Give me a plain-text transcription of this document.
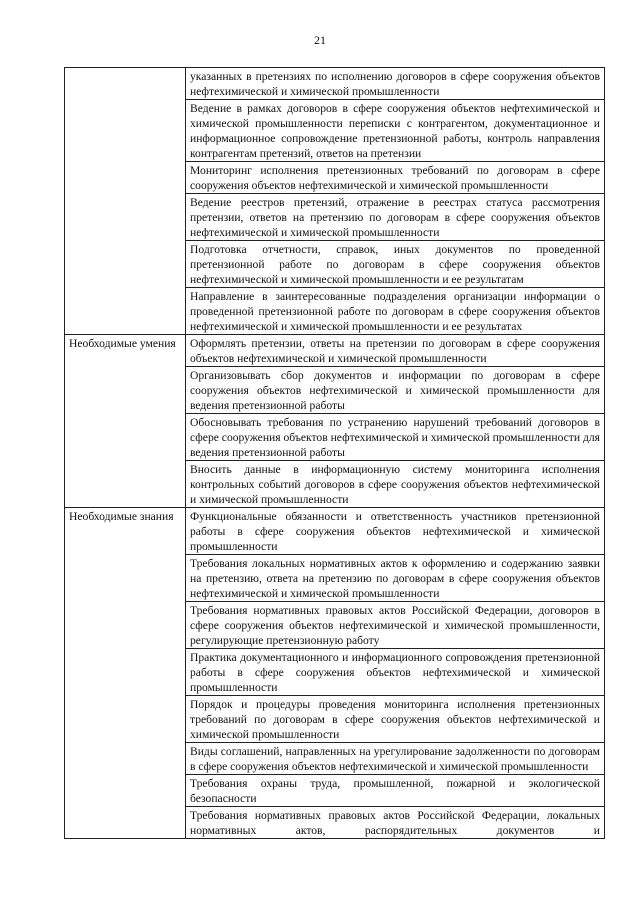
21
	указанных в претензиях по исполнению договоров в сфере сооружения объектов нефтехимической и химической промышленности
	Ведение в рамках договоров в сфере сооружения объектов нефтехимической и химической промышленности переписки с контрагентом, документационное и информационное сопровождение претензионной работы, контроль направления контрагентам претензий, ответов на претензии
	Мониторинг исполнения претензионных требований по договорам в сфере сооружения объектов нефтехимической и химической промышленности
	Ведение реестров претензий, отражение в реестрах статуса рассмотрения претензии, ответов на претензию по договорам в сфере сооружения объектов нефтехимической и химической промышленности
	Подготовка отчетности, справок, иных документов по проведенной претензионной работе по договорам в сфере сооружения объектов нефтехимической и химической промышленности и ее результатам
	Направление в заинтересованные подразделения организации информации о проведенной претензионной работе по договорам в сфере сооружения объектов нефтехимической и химической промышленности и ее результатах
Необходимые умения	Оформлять претензии, ответы на претензии по договорам в сфере сооружения объектов нефтехимической и химической промышленности
	Организовывать сбор документов и информации по договорам в сфере сооружения объектов нефтехимической и химической промышленности для ведения претензионной работы
	Обосновывать требования по устранению нарушений требований договоров в сфере сооружения объектов нефтехимической и химической промышленности для ведения претензионной работы
	Вносить данные в информационную систему мониторинга исполнения контрольных событий договоров в сфере сооружения объектов нефтехимической и химической промышленности
Необходимые знания	Функциональные обязанности и ответственность участников претензионной работы в сфере сооружения объектов нефтехимической и химической промышленности
	Требования локальных нормативных актов к оформлению и содержанию заявки на претензию, ответа на претензию по договорам в сфере сооружения объектов нефтехимической и химической промышленности
	Требования нормативных правовых актов Российской Федерации, договоров в сфере сооружения объектов нефтехимической и химической промышленности, регулирующие претензионную работу
	Практика документационного и информационного сопровождения претензионной работы в сфере сооружения объектов нефтехимической и химической промышленности
	Порядок и процедуры проведения мониторинга исполнения претензионных требований по договорам в сфере сооружения объектов нефтехимической и химической промышленности
	Виды соглашений, направленных на урегулирование задолженности по договорам в сфере сооружения объектов нефтехимической и химической промышленности
	Требования охраны труда, промышленной, пожарной и экологической безопасности
	Требования нормативных правовых актов Российской Федерации, локальных нормативных актов, распорядительных документов и
